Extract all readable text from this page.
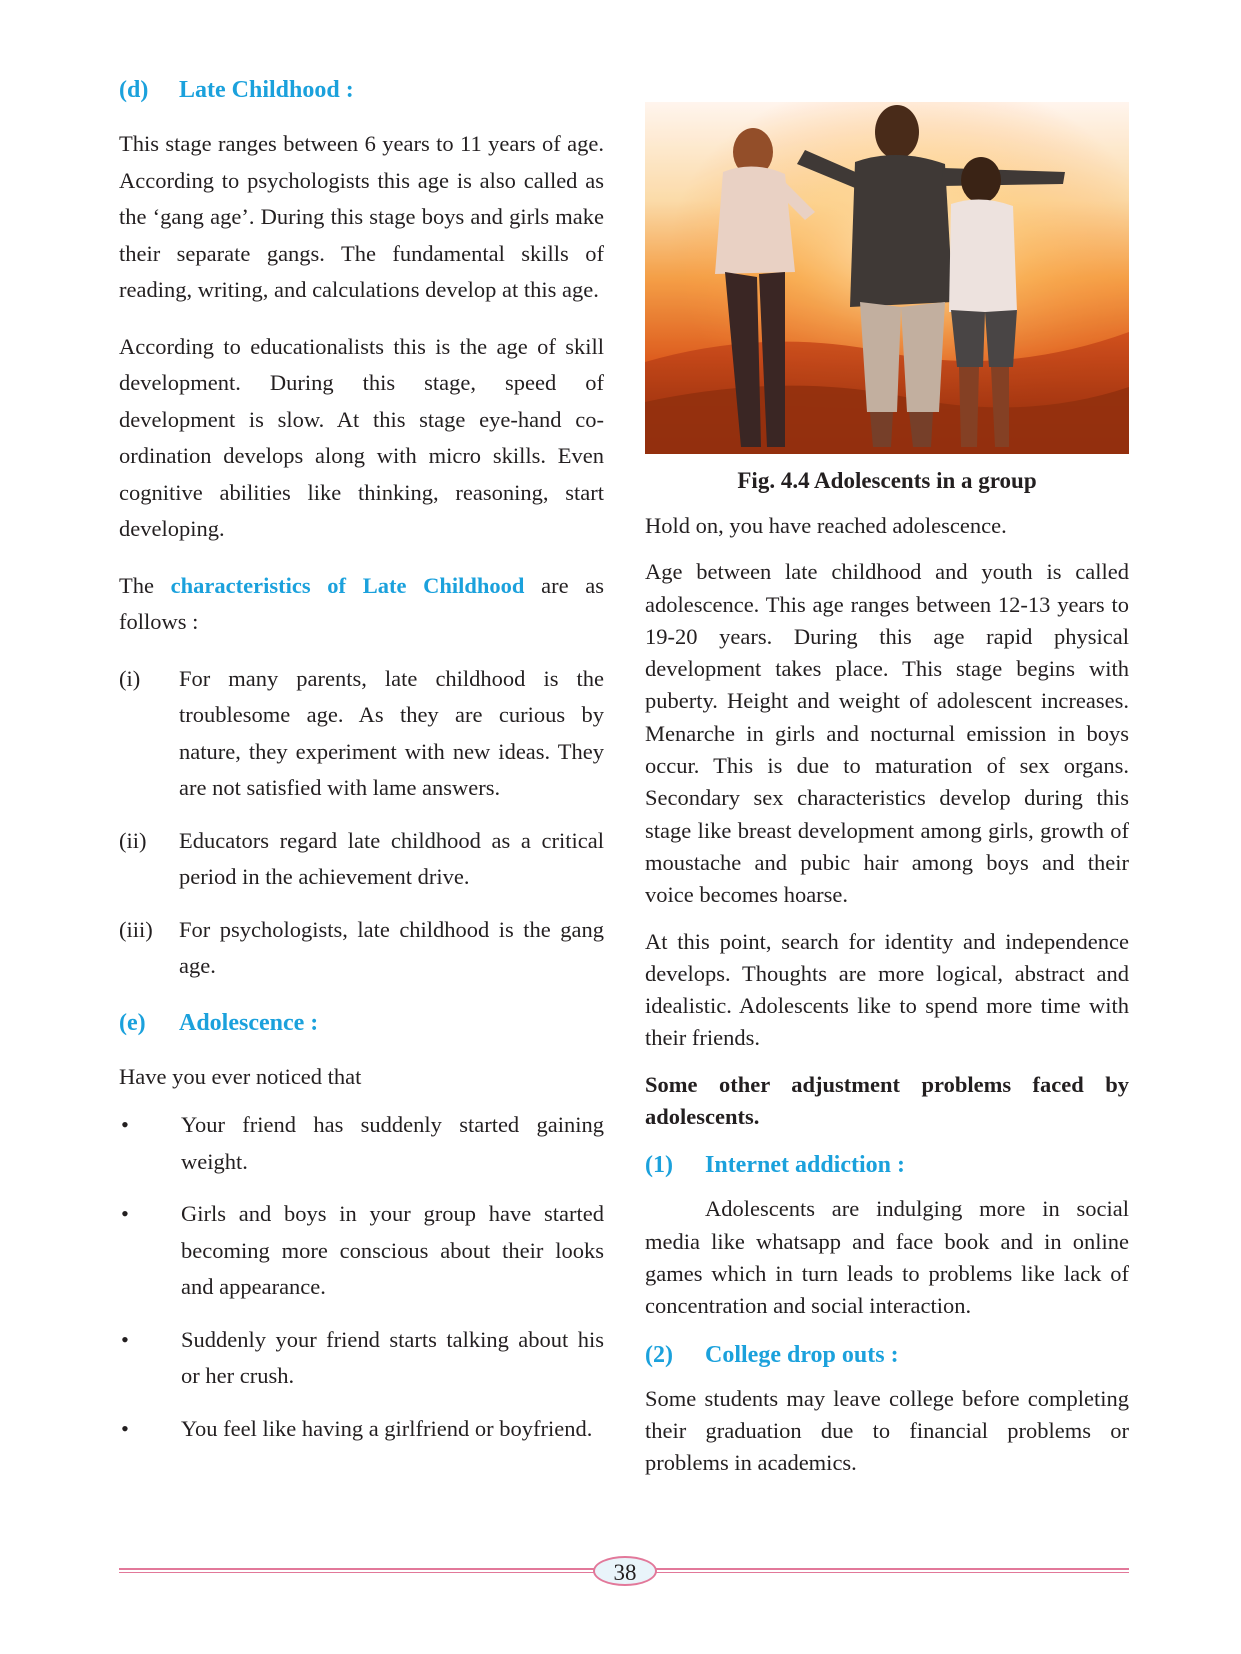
(d) Late Childhood :

This stage ranges between 6 years to 11 years of age. According to psychologists this age is also called as the ‘gang age’. During this stage boys and girls make their separate gangs. The fundamental skills of reading, writing, and calculations develop at this age.

According to educationalists this is the age of skill development. During this stage, speed of development is slow. At this stage eye-hand co-ordination develops along with micro skills. Even cognitive abilities like thinking, reasoning, start developing.

The characteristics of Late Childhood are as follows :

(i)	For many parents, late childhood is the troublesome age. As they are curious by nature, they experiment with new ideas. They are not satisfied with lame answers.
(ii)	Educators regard late childhood as a critical period in the achievement drive.
(iii)	For psychologists, late childhood is the gang age.
(e) Adolescence :

Have you ever noticed that

•	Your friend has suddenly started gaining weight.
•	Girls and boys in your group have started becoming more conscious about their looks and appearance.
•	Suddenly your friend starts talking about his or her crush.
•	You feel like having a girlfriend or boyfriend.
Fig. 4.4 Adolescents in a group

Hold on, you have reached adolescence.

Age between late childhood and youth is called adolescence. This age ranges between 12-13 years to 19-20 years. During this age rapid physical development takes place. This stage begins with puberty. Height and weight of adolescent increases. Menarche in girls and nocturnal emission in boys occur. This is due to maturation of sex organs. Secondary sex characteristics develop during this stage like breast development among girls, growth of moustache and pubic hair among boys and their voice becomes hoarse.

At this point, search for identity and independence develops. Thoughts are more logical, abstract and idealistic. Adolescents like to spend more time with their friends.

Some other adjustment problems faced by adolescents.

(1) Internet addiction :

Adolescents are indulging more in social media like whatsapp and face book and in online games which in turn leads to problems like lack of concentration and social interaction.

(2) College drop outs :

Some students may leave college before completing their graduation due to financial problems or problems in academics.

38
